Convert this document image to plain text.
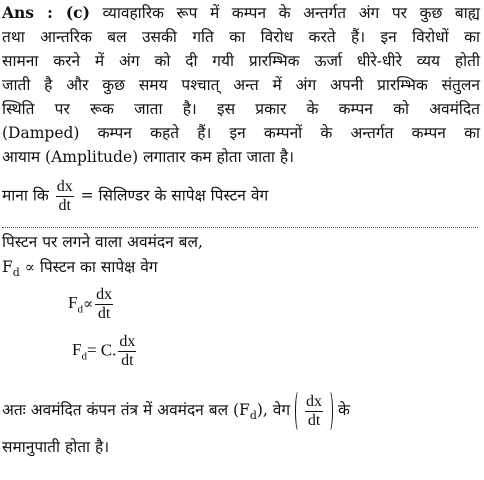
Ans : (c) व्यावहारिक रूप में कम्पन के अन्तर्गत अंग पर कुछ बाह्य
तथा आन्तरिक बल उसकी गति का विरोध करते हैं। इन विरोधों का
सामना करने में अंग को दी गयी प्रारम्भिक ऊर्जा धीरे-धीरे व्यय होती
जाती है और कुछ समय पश्चात् अन्त में अंग अपनी प्रारम्भिक संतुलन
स्थिति पर रूक जाता है। इस प्रकार के कम्पन को अवमंदित
(Damped) कम्पन कहते हैं। इन कम्पनों के अन्तर्गत कम्पन का
आयाम (Amplitude) लगातार कम होता जाता है।
माना कि $\frac{dx}{dt}$ = सिलिण्डर के सापेक्ष पिस्टन वेग
पिस्टन पर लगने वाला अवमंदन बल,
$F_d$ ∝ पिस्टन का सापेक्ष वेग
$F_d\propto \frac{dx}{dt}$
$F_d= C$. $\frac{dx}{dt}$
अतः अवमंदित कंपन तंत्र में अवमंदन बल $(F_d)$, वेग $\frac{dx}{dt}$ के
समानुपाती होता है।
